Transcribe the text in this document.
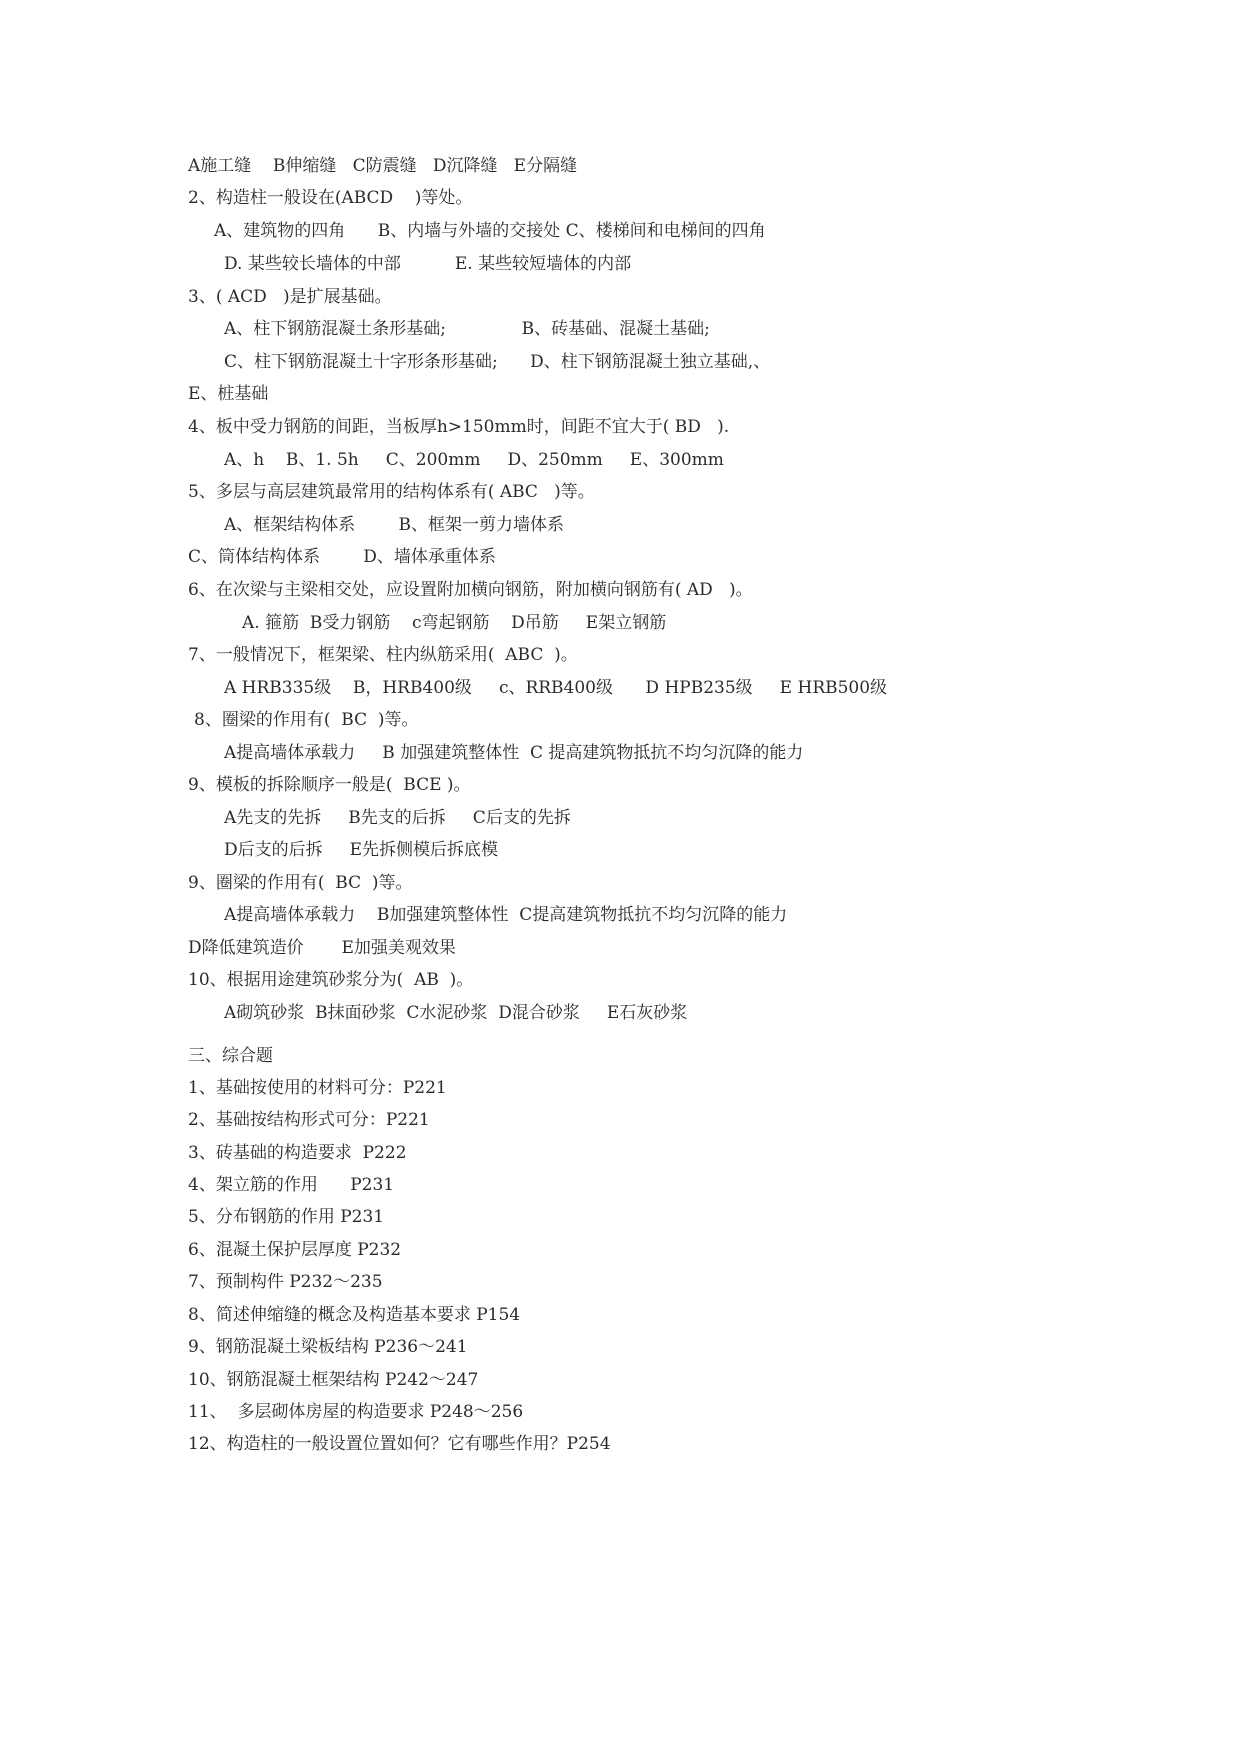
A施工缝    B伸缩缝   C防震缝   D沉降缝   E分隔缝
2、构造柱一般设在(ABCD    )等处。
A、建筑物的四角      B、内墙与外墙的交接处 C、楼梯间和电梯间的四角
D. 某些较长墙体的中部          E. 某些较短墙体的内部
3、( ACD   )是扩展基础。
A、柱下钢筋混凝土条形基础;              B、砖基础、混凝土基础;
C、柱下钢筋混凝土十字形条形基础;      D、柱下钢筋混凝土独立基础,、
E、桩基础
4、板中受力钢筋的间距，当板厚h>150mm时，间距不宜大于( BD   ).
A、h    B、1. 5h     C、200mm     D、250mm     E、300mm
5、多层与高层建筑最常用的结构体系有( ABC   )等。
A、框架结构体系        B、框架一剪力墙体系
C、筒体结构体系        D、墙体承重体系
6、在次梁与主梁相交处，应设置附加横向钢筋，附加横向钢筋有( AD   )。
A. 箍筋  B受力钢筋    c弯起钢筋    D吊筋     E架立钢筋
7、一般情况下，框架梁、柱内纵筋采用(  ABC  )。
A HRB335级    B，HRB400级     c、RRB400级      D HPB235级     E HRB500级
8、圈梁的作用有(  BC  )等。
A提高墙体承载力     B 加强建筑整体性  C 提高建筑物抵抗不均匀沉降的能力
9、模板的拆除顺序一般是(  BCE )。
A先支的先拆     B先支的后拆     C后支的先拆
D后支的后拆     E先拆侧模后拆底模
9、圈梁的作用有(  BC  )等。
A提高墙体承载力    B加强建筑整体性  C提高建筑物抵抗不均匀沉降的能力
D降低建筑造价       E加强美观效果
10、根据用途建筑砂浆分为(  AB  )。
A砌筑砂浆  B抹面砂浆  C水泥砂浆  D混合砂浆     E石灰砂浆
三、综合题
1、基础按使用的材料可分：P221
2、基础按结构形式可分：P221
3、砖基础的构造要求  P222
4、架立筋的作用      P231
5、分布钢筋的作用 P231
6、混凝土保护层厚度 P232
7、预制构件 P232～235
8、简述伸缩缝的概念及构造基本要求 P154
9、钢筋混凝土梁板结构 P236～241
10、钢筋混凝土框架结构 P242～247
11、  多层砌体房屋的构造要求 P248～256
12、构造柱的一般设置位置如何？它有哪些作用？P254
